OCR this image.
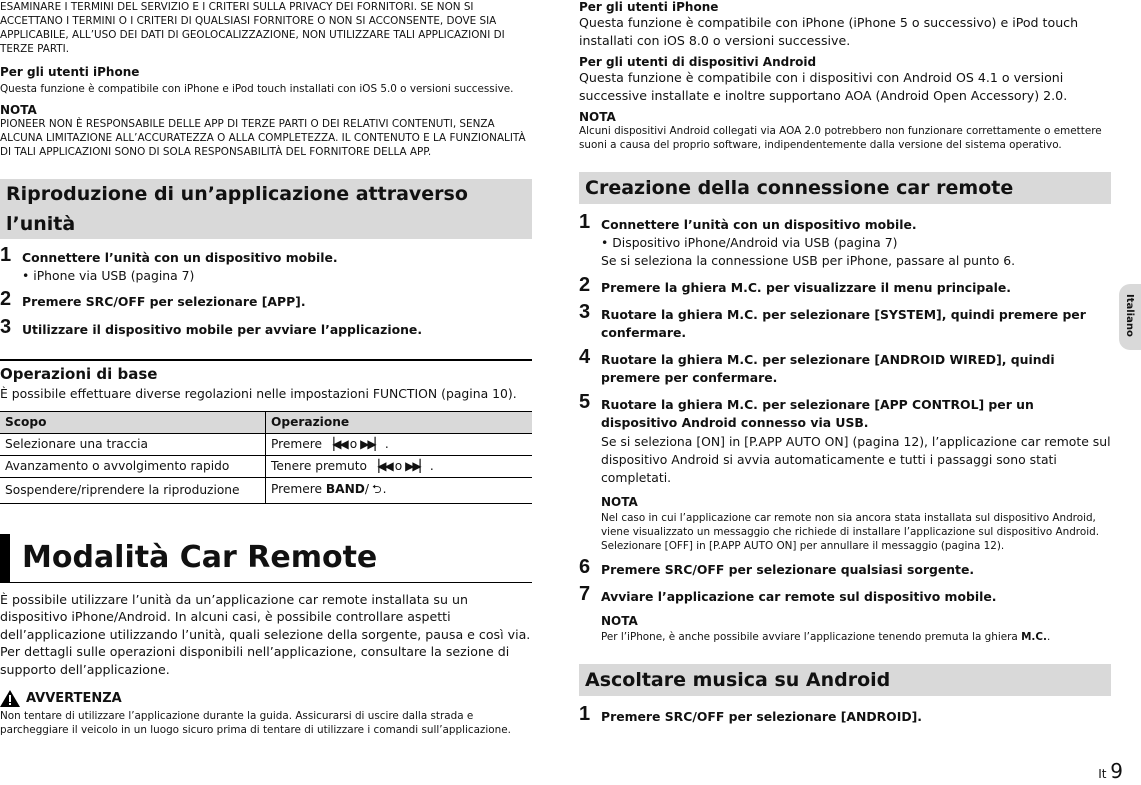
ESAMINARE I TERMINI DEL SERVIZIO E I CRITERI SULLA PRIVACY DEI FORNITORI. SE NON SI ACCETTANO I TERMINI O I CRITERI DI QUALSIASI FORNITORE O NON SI ACCONSENTE, DOVE SIA APPLICABILE, ALL’USO DEI DATI DI GEOLOCALIZZAZIONE, NON UTILIZZARE TALI APPLICAZIONI DI TERZE PARTI.
Per gli utenti iPhone
Questa funzione è compatibile con iPhone e iPod touch installati con iOS 5.0 o versioni successive.
NOTA
PIONEER NON È RESPONSABILE DELLE APP DI TERZE PARTI O DEI RELATIVI CONTENUTI, SENZA ALCUNA LIMITAZIONE ALL’ACCURATEZZA O ALLA COMPLETEZZA. IL CONTENUTO E LA FUNZIONALITÀ DI TALI APPLICAZIONI SONO DI SOLA RESPONSABILITÀ DEL FORNITORE DELLA APP.
Riproduzione di un’applicazione attraverso l’unità
1 Connettere l’unità con un dispositivo mobile.
• iPhone via USB (pagina 7)
2 Premere SRC/OFF per selezionare [APP].
3 Utilizzare il dispositivo mobile per avviare l’applicazione.
Operazioni di base
È possibile effettuare diverse regolazioni nelle impostazioni FUNCTION (pagina 10).
Scopo	Operazione
Selezionare una traccia	Premere ▕◀◀ o ▶▶▏ .
Avanzamento o avvolgimento rapido	Tenere premuto ▕◀◀ o ▶▶▏ .
Sospendere/riprendere la riproduzione	Premere BAND/ ⮌ .
Modalità Car Remote
È possibile utilizzare l’unità da un’applicazione car remote installata su un dispositivo iPhone/Android. In alcuni casi, è possibile controllare aspetti dell’applicazione utilizzando l’unità, quali selezione della sorgente, pausa e così via.
Per dettagli sulle operazioni disponibili nell’applicazione, consultare la sezione di supporto dell’applicazione.
AVVERTENZA
Non tentare di utilizzare l’applicazione durante la guida. Assicurarsi di uscire dalla strada e parcheggiare il veicolo in un luogo sicuro prima di tentare di utilizzare i comandi sull’applicazione.
Per gli utenti iPhone
Questa funzione è compatibile con iPhone (iPhone 5 o successivo) e iPod touch installati con iOS 8.0 o versioni successive.
Per gli utenti di dispositivi Android
Questa funzione è compatibile con i dispositivi con Android OS 4.1 o versioni successive installate e inoltre supportano AOA (Android Open Accessory) 2.0.
NOTA
Alcuni dispositivi Android collegati via AOA 2.0 potrebbero non funzionare correttamente o emettere suoni a causa del proprio software, indipendentemente dalla versione del sistema operativo.
Creazione della connessione car remote
1 Connettere l’unità con un dispositivo mobile.
• Dispositivo iPhone/Android via USB (pagina 7)
Se si seleziona la connessione USB per iPhone, passare al punto 6.
2 Premere la ghiera M.C. per visualizzare il menu principale.
3 Ruotare la ghiera M.C. per selezionare [SYSTEM], quindi premere per confermare.
4 Ruotare la ghiera M.C. per selezionare [ANDROID WIRED], quindi premere per confermare.
5 Ruotare la ghiera M.C. per selezionare [APP CONTROL] per un dispositivo Android connesso via USB.
Se si seleziona [ON] in [P.APP AUTO ON] (pagina 12), l’applicazione car remote sul dispositivo Android si avvia automaticamente e tutti i passaggi sono stati completati.
NOTA
Nel caso in cui l’applicazione car remote non sia ancora stata installata sul dispositivo Android, viene visualizzato un messaggio che richiede di installare l’applicazione sul dispositivo Android. Selezionare [OFF] in [P.APP AUTO ON] per annullare il messaggio (pagina 12).
6 Premere SRC/OFF per selezionare qualsiasi sorgente.
7 Avviare l’applicazione car remote sul dispositivo mobile.
NOTA
Per l’iPhone, è anche possibile avviare l’applicazione tenendo premuta la ghiera M.C..
Ascoltare musica su Android
1 Premere SRC/OFF per selezionare [ANDROID].
Italiano
It 9
